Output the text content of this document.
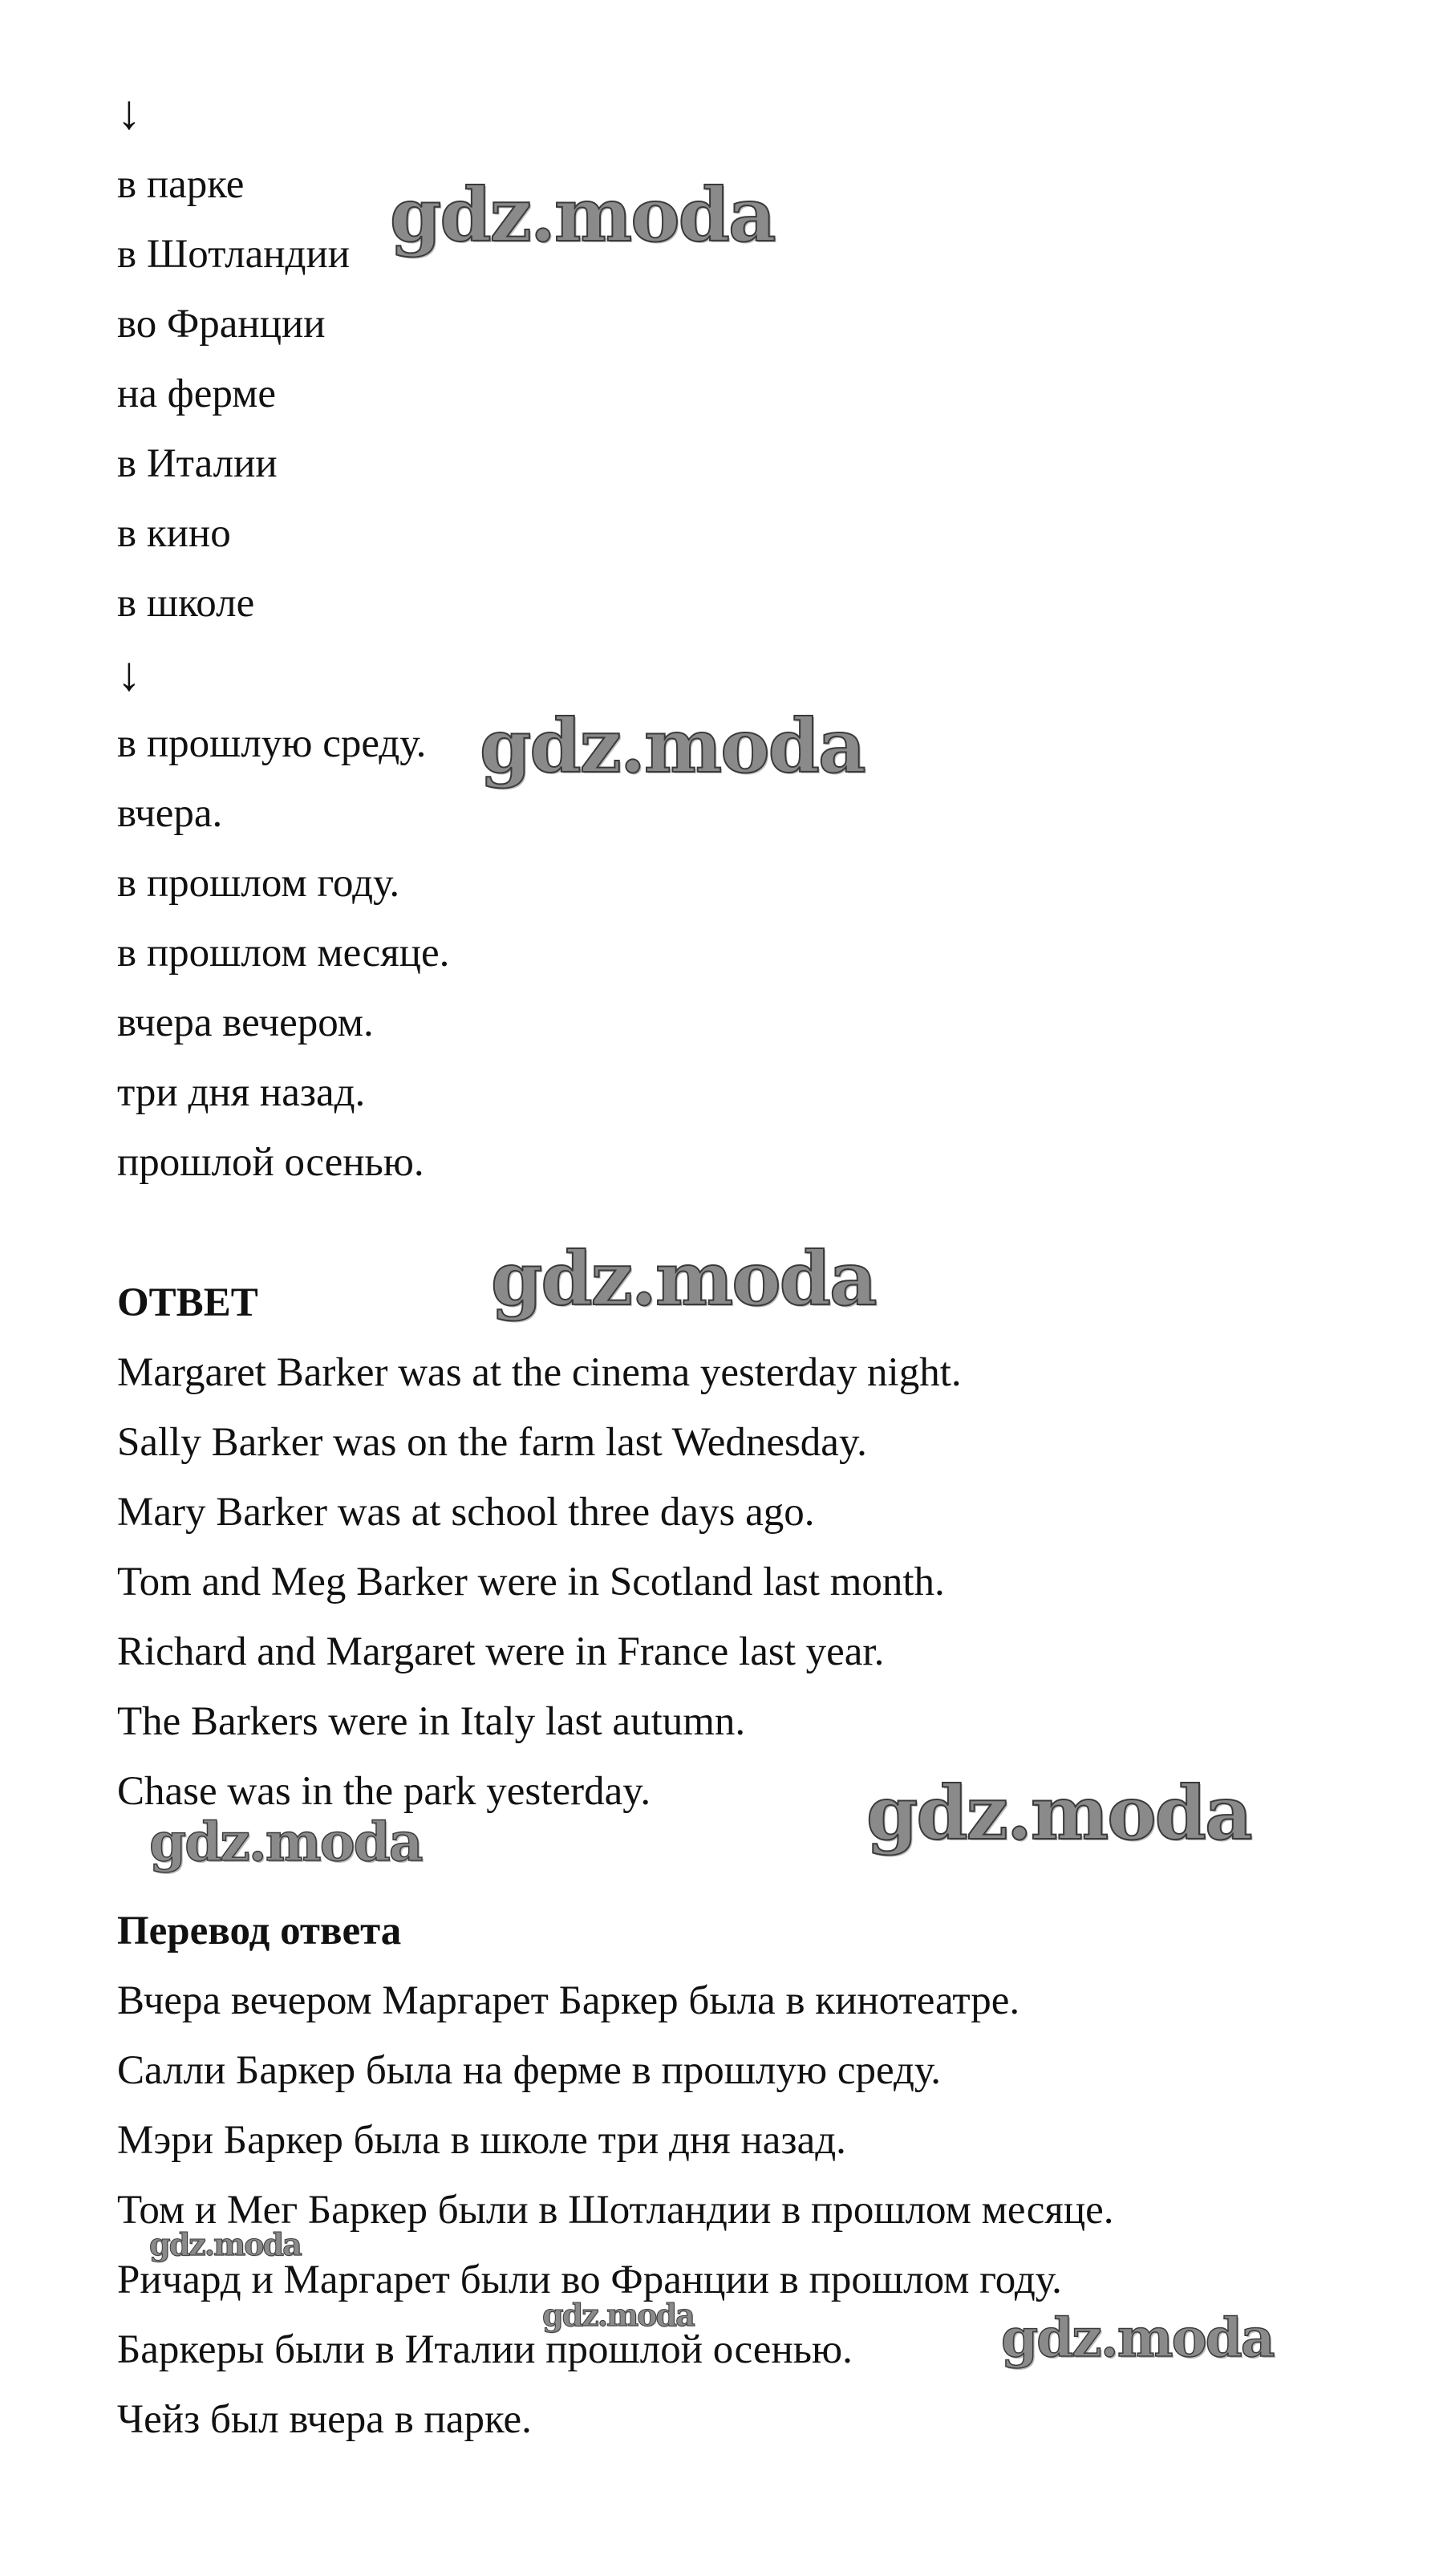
↓
в парке
в Шотландии
во Франции
на ферме
в Италии
в кино
в школе
↓
в прошлую среду.
вчера.
в прошлом году.
в прошлом месяце.
вчера вечером.
три дня назад.
прошлой осенью.
ОТВЕТ
Margaret Barker was at the cinema yesterday night.
Sally Barker was on the farm last Wednesday.
Mary Barker was at school three days ago.
Tom and Meg Barker were in Scotland last month.
Richard and Margaret were in France last year.
The Barkers were in Italy last autumn.
Chase was in the park yesterday.
Перевод ответа
Вчера вечером Маргарет Баркер была в кинотеатре.
Салли Баркер была на ферме в прошлую среду.
Мэри Баркер была в школе три дня назад.
Том и Мег Баркер были в Шотландии в прошлом месяце.
Ричард и Маргарет были во Франции в прошлом году.
Баркеры были в Италии прошлой осенью.
Чейз был вчера в парке.
gdz.moda
gdz.moda
gdz.moda
gdz.moda
gdz.moda
gdz.moda
gdz.moda	gdz.moda
